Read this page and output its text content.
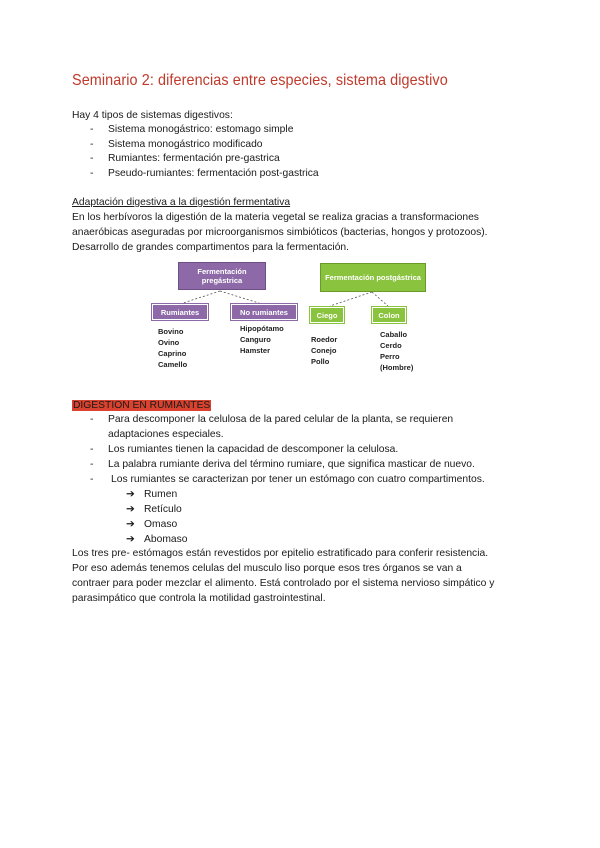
Seminario 2: diferencias entre especies, sistema digestivo
Hay 4 tipos de sistemas digestivos:
- Sistema monogástrico: estomago simple
- Sistema monogástrico modificado
- Rumiantes: fermentación pre-gastrica
- Pseudo-rumiantes: fermentación post-gastrica
Adaptación digestiva a la digestión fermentativa
En los herbívoros la digestión de la materia vegetal se realiza gracias a transformaciones
anaeróbicas aseguradas por microorganismos simbióticos (bacterias, hongos y protozoos).
Desarrollo de grandes compartimentos para la fermentación.
Fermentación pregástrica
Rumiantes	No rumiantes
Bovino
Ovino
Caprino
Camello
Hipopótamo
Canguro
Hamster
Fermentación postgástrica
Ciego	Colon
Roedor
Conejo
Pollo
Caballo
Cerdo
Perro
(Hombre)
DIGESTION EN RUMIANTES
- Para descomponer la celulosa de la pared celular de la planta, se requieren
adaptaciones especiales.
- Los rumiantes tienen la capacidad de descomponer la celulosa.
- La palabra rumiante deriva del término rumiare, que significa masticar de nuevo.
- Los rumiantes se caracterizan por tener un estómago con cuatro compartimentos.
➔ Rumen
➔ Retículo
➔ Omaso
➔ Abomaso
Los tres pre- estómagos están revestidos por epitelio estratificado para conferir resistencia.
Por eso además tenemos celulas del musculo liso porque esos tres órganos se van a
contraer para poder mezclar el alimento. Está controlado por el sistema nervioso simpático y
parasimpático que controla la motilidad gastrointestinal.
